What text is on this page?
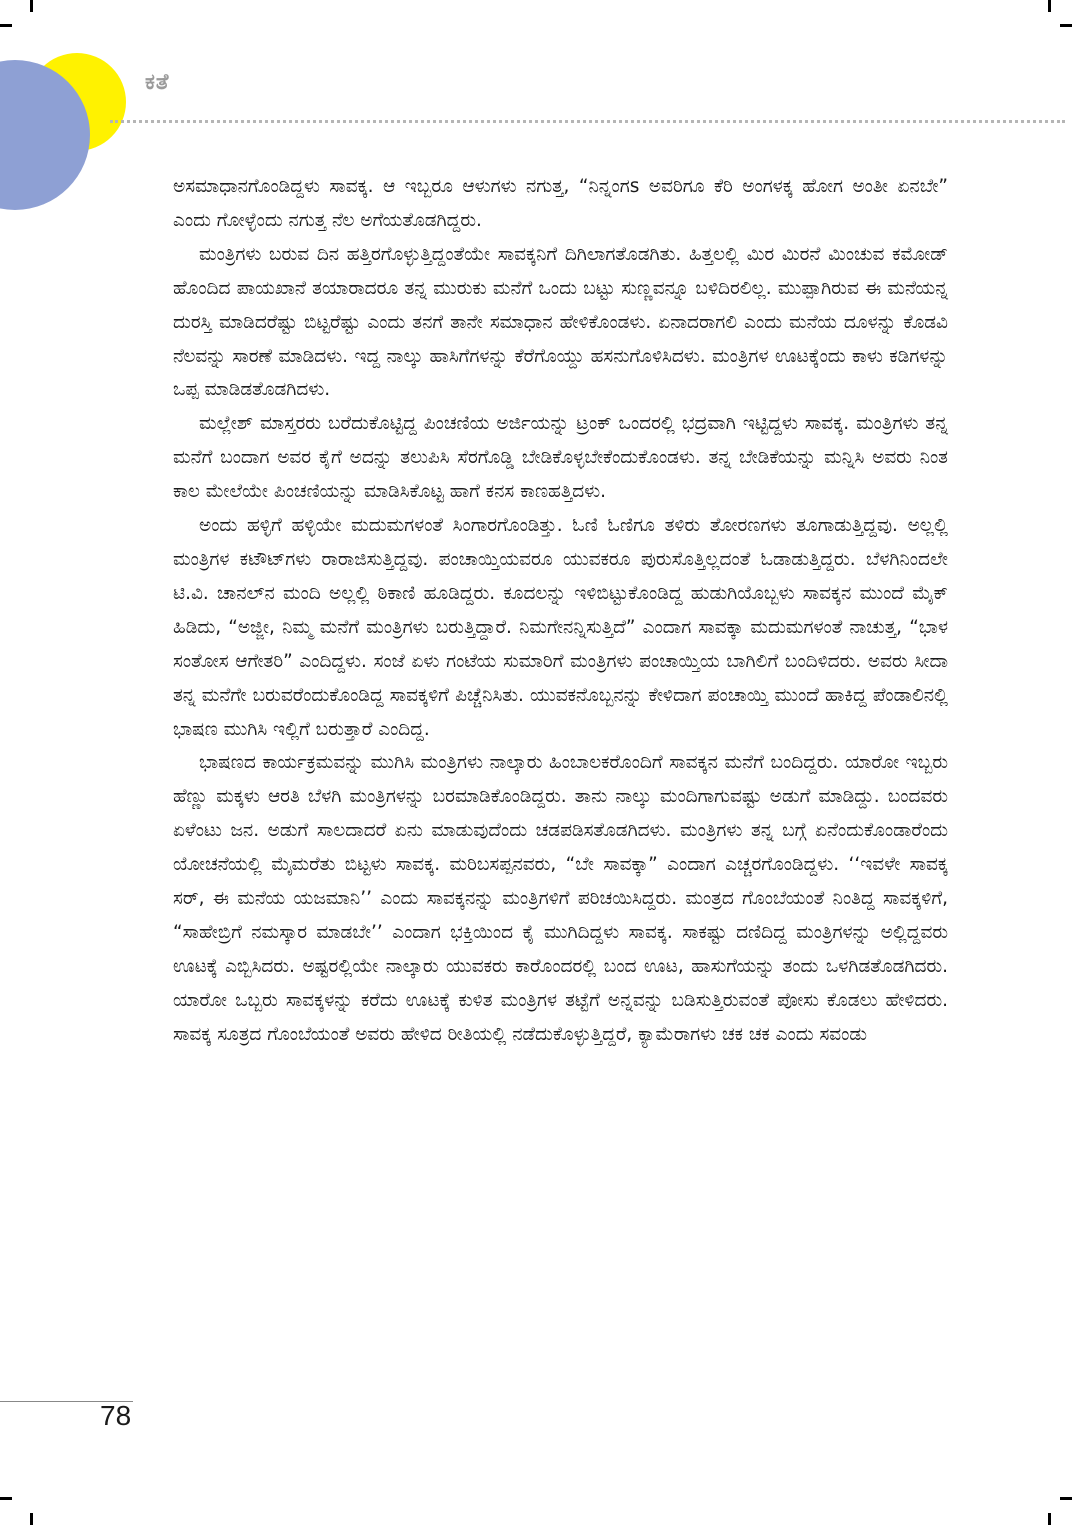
ಕತೆ

ಅಸಮಾಧಾನಗೊಂಡಿದ್ದಳು ಸಾವಕ್ಕ. ಆ ಇಬ್ಬರೂ ಆಳುಗಳು ನಗುತ್ತ, “ನಿನ್ನಂಗs ಅವರಿಗೂ ಕೆರಿ ಅಂಗಳಕ್ಕ ಹೋಗ ಅಂತೀ ಏನಬೇ” ಎಂದು ಗೋಳ್ಳೆಂದು ನಗುತ್ತ ನೆಲ ಅಗೆಯತೊಡಗಿದ್ದರು.

ಮಂತ್ರಿಗಳು ಬರುವ ದಿನ ಹತ್ತಿರಗೊಳ್ಳುತ್ತಿದ್ದಂತೆಯೇ ಸಾವಕ್ಕನಿಗೆ ದಿಗಿಲಾಗತೊಡಗಿತು. ಹಿತ್ತಲಲ್ಲಿ ಮಿರ ಮಿರನೆ ಮಿಂಚುವ ಕಮೋಡ್ ಹೊಂದಿದ ಪಾಯಖಾನೆ ತಯಾರಾದರೂ ತನ್ನ ಮುರುಕು ಮನೆಗೆ ಒಂದು ಬಟ್ಟು ಸುಣ್ಣವನ್ನೂ ಬಳಿದಿರಲಿಲ್ಲ. ಮುಪ್ಪಾಗಿರುವ ಈ ಮನೆಯನ್ನ ದುರಸ್ತಿ ಮಾಡಿದರೆಷ್ಟು ಬಿಟ್ಟರೆಷ್ಟು ಎಂದು ತನಗೆ ತಾನೇ ಸಮಾಧಾನ ಹೇಳಿಕೊಂಡಳು. ಏನಾದರಾಗಲಿ ಎಂದು ಮನೆಯ ದೂಳನ್ನು ಕೊಡವಿ ನೆಲವನ್ನು ಸಾರಣೆ ಮಾಡಿದಳು. ಇದ್ದ ನಾಲ್ಕು ಹಾಸಿಗೆಗಳನ್ನು ಕೆರೆಗೊಯ್ದು ಹಸನುಗೊಳಿಸಿದಳು. ಮಂತ್ರಿಗಳ ಊಟಕ್ಕೆಂದು ಕಾಳು ಕಡಿಗಳನ್ನು ಒಪ್ಪ ಮಾಡಿಡತೊಡಗಿದಳು.

ಮಲ್ಲೇಶ್ ಮಾಸ್ತರರು ಬರೆದುಕೊಟ್ಟಿದ್ದ ಪಿಂಚಣಿಯ ಅರ್ಜಿಯನ್ನು ಟ್ರಂಕ್ ಒಂದರಲ್ಲಿ ಭದ್ರವಾಗಿ ಇಟ್ಟಿದ್ದಳು ಸಾವಕ್ಕ. ಮಂತ್ರಿಗಳು ತನ್ನ ಮನೆಗೆ ಬಂದಾಗ ಅವರ ಕೈಗೆ ಅದನ್ನು ತಲುಪಿಸಿ ಸೆರಗೊಡ್ಡಿ ಬೇಡಿಕೊಳ್ಳಬೇಕೆಂದುಕೊಂಡಳು. ತನ್ನ ಬೇಡಿಕೆಯನ್ನು ಮನ್ನಿಸಿ ಅವರು ನಿಂತ ಕಾಲ ಮೇಲೆಯೇ ಪಿಂಚಣಿಯನ್ನು ಮಾಡಿಸಿಕೊಟ್ಟ ಹಾಗೆ ಕನಸ ಕಾಣಹತ್ತಿದಳು.

ಅಂದು ಹಳ್ಳಿಗೆ ಹಳ್ಳಿಯೇ ಮದುಮಗಳಂತೆ ಸಿಂಗಾರಗೊಂಡಿತ್ತು. ಓಣಿ ಓಣಿಗೂ ತಳಿರು ತೋರಣಗಳು ತೂಗಾಡುತ್ತಿದ್ದವು. ಅಲ್ಲಲ್ಲಿ ಮಂತ್ರಿಗಳ ಕಟೌಟ್‌ಗಳು ರಾರಾಜಿಸುತ್ತಿದ್ದವು. ಪಂಚಾಯ್ತಿಯವರೂ ಯುವಕರೂ ಪುರುಸೊತ್ತಿಲ್ಲದಂತೆ ಓಡಾಡುತ್ತಿದ್ದರು. ಬೆಳಗಿನಿಂದಲೇ ಟಿ.ವಿ. ಚಾನಲ್‌ನ ಮಂದಿ ಅಲ್ಲಲ್ಲಿ ಠಿಕಾಣಿ ಹೂಡಿದ್ದರು. ಕೂದಲನ್ನು ಇಳಿಬಿಟ್ಟುಕೊಂಡಿದ್ದ ಹುಡುಗಿಯೊಬ್ಬಳು ಸಾವಕ್ಕನ ಮುಂದೆ ಮೈಕ್ ಹಿಡಿದು, “ಅಜ್ಜೀ, ನಿಮ್ಮ ಮನೆಗೆ ಮಂತ್ರಿಗಳು ಬರುತ್ತಿದ್ದಾರೆ. ನಿಮಗೇನನ್ನಿಸುತ್ತಿದೆ” ಎಂದಾಗ ಸಾವಕ್ಕಾ ಮದುಮಗಳಂತೆ ನಾಚುತ್ತ, “ಭಾಳ ಸಂತೋಸ ಆಗೇತರಿ” ಎಂದಿದ್ದಳು. ಸಂಜೆ ಏಳು ಗಂಟೆಯ ಸುಮಾರಿಗೆ ಮಂತ್ರಿಗಳು ಪಂಚಾಯ್ತಿಯ ಬಾಗಿಲಿಗೆ ಬಂದಿಳಿದರು. ಅವರು ಸೀದಾ ತನ್ನ ಮನೆಗೇ ಬರುವರೆಂದುಕೊಂಡಿದ್ದ ಸಾವಕ್ಕಳಿಗೆ ಪಿಚ್ಚೆನಿಸಿತು. ಯುವಕನೊಬ್ಬನನ್ನು ಕೇಳಿದಾಗ ಪಂಚಾಯ್ತಿ ಮುಂದೆ ಹಾಕಿದ್ದ ಪೆಂಡಾಲಿನಲ್ಲಿ ಭಾಷಣ ಮುಗಿಸಿ ಇಲ್ಲಿಗೆ ಬರುತ್ತಾರೆ ಎಂದಿದ್ದ.

ಭಾಷಣದ ಕಾರ್ಯಕ್ರಮವನ್ನು ಮುಗಿಸಿ ಮಂತ್ರಿಗಳು ನಾಲ್ಕಾರು ಹಿಂಬಾಲಕರೊಂದಿಗೆ ಸಾವಕ್ಕನ ಮನೆಗೆ ಬಂದಿದ್ದರು. ಯಾರೋ ಇಬ್ಬರು ಹೆಣ್ಣು ಮಕ್ಕಳು ಆರತಿ ಬೆಳಗಿ ಮಂತ್ರಿಗಳನ್ನು ಬರಮಾಡಿಕೊಂಡಿದ್ದರು. ತಾನು ನಾಲ್ಕು ಮಂದಿಗಾಗುವಷ್ಟು ಅಡುಗೆ ಮಾಡಿದ್ದು. ಬಂದವರು ಏಳೆಂಟು ಜನ. ಅಡುಗೆ ಸಾಲದಾದರೆ ಏನು ಮಾಡುವುದೆಂದು ಚಡಪಡಿಸತೊಡಗಿದಳು. ಮಂತ್ರಿಗಳು ತನ್ನ ಬಗ್ಗೆ ಏನೆಂದುಕೊಂಡಾರೆಂದು ಯೋಚನೆಯಲ್ಲಿ ಮೈಮರೆತು ಬಿಟ್ಟಳು ಸಾವಕ್ಕ. ಮರಿಬಸಪ್ಪನವರು, “ಬೇ ಸಾವಕ್ಕಾ” ಎಂದಾಗ ಎಚ್ಚರಗೊಂಡಿದ್ದಳು. ‘‘ಇವಳೇ ಸಾವಕ್ಕ ಸರ್, ಈ ಮನೆಯ ಯಜಮಾನಿ’’ ಎಂದು ಸಾವಕ್ಕನನ್ನು ಮಂತ್ರಿಗಳಿಗೆ ಪರಿಚಯಿಸಿದ್ದರು. ಮಂತ್ರದ ಗೊಂಬೆಯಂತೆ ನಿಂತಿದ್ದ ಸಾವಕ್ಕಳಿಗೆ, “ಸಾಹೇಬ್ರಿಗೆ ನಮಸ್ಕಾರ ಮಾಡಬೇ’’ ಎಂದಾಗ ಭಕ್ತಿಯಿಂದ ಕೈ ಮುಗಿದಿದ್ದಳು ಸಾವಕ್ಕ. ಸಾಕಷ್ಟು ದಣಿದಿದ್ದ ಮಂತ್ರಿಗಳನ್ನು ಅಲ್ಲಿದ್ದವರು ಊಟಕ್ಕೆ ಎಬ್ಬಿಸಿದರು. ಅಷ್ಟರಲ್ಲಿಯೇ ನಾಲ್ಕಾರು ಯುವಕರು ಕಾರೊಂದರಲ್ಲಿ ಬಂದ ಊಟ, ಹಾಸುಗೆಯನ್ನು ತಂದು ಒಳಗಿಡತೊಡಗಿದರು. ಯಾರೋ ಒಬ್ಬರು ಸಾವಕ್ಕಳನ್ನು ಕರೆದು ಊಟಕ್ಕೆ ಕುಳಿತ ಮಂತ್ರಿಗಳ ತಟ್ಟೆಗೆ ಅನ್ನವನ್ನು ಬಡಿಸುತ್ತಿರುವಂತೆ ಪೋಸು ಕೊಡಲು ಹೇಳಿದರು. ಸಾವಕ್ಕ ಸೂತ್ರದ ಗೊಂಬೆಯಂತೆ ಅವರು ಹೇಳಿದ ರೀತಿಯಲ್ಲಿ ನಡೆದುಕೊಳ್ಳುತ್ತಿದ್ದರೆ, ಕ್ಯಾಮೆರಾಗಳು ಚಕ ಚಕ ಎಂದು ಸವಂಡು

78
